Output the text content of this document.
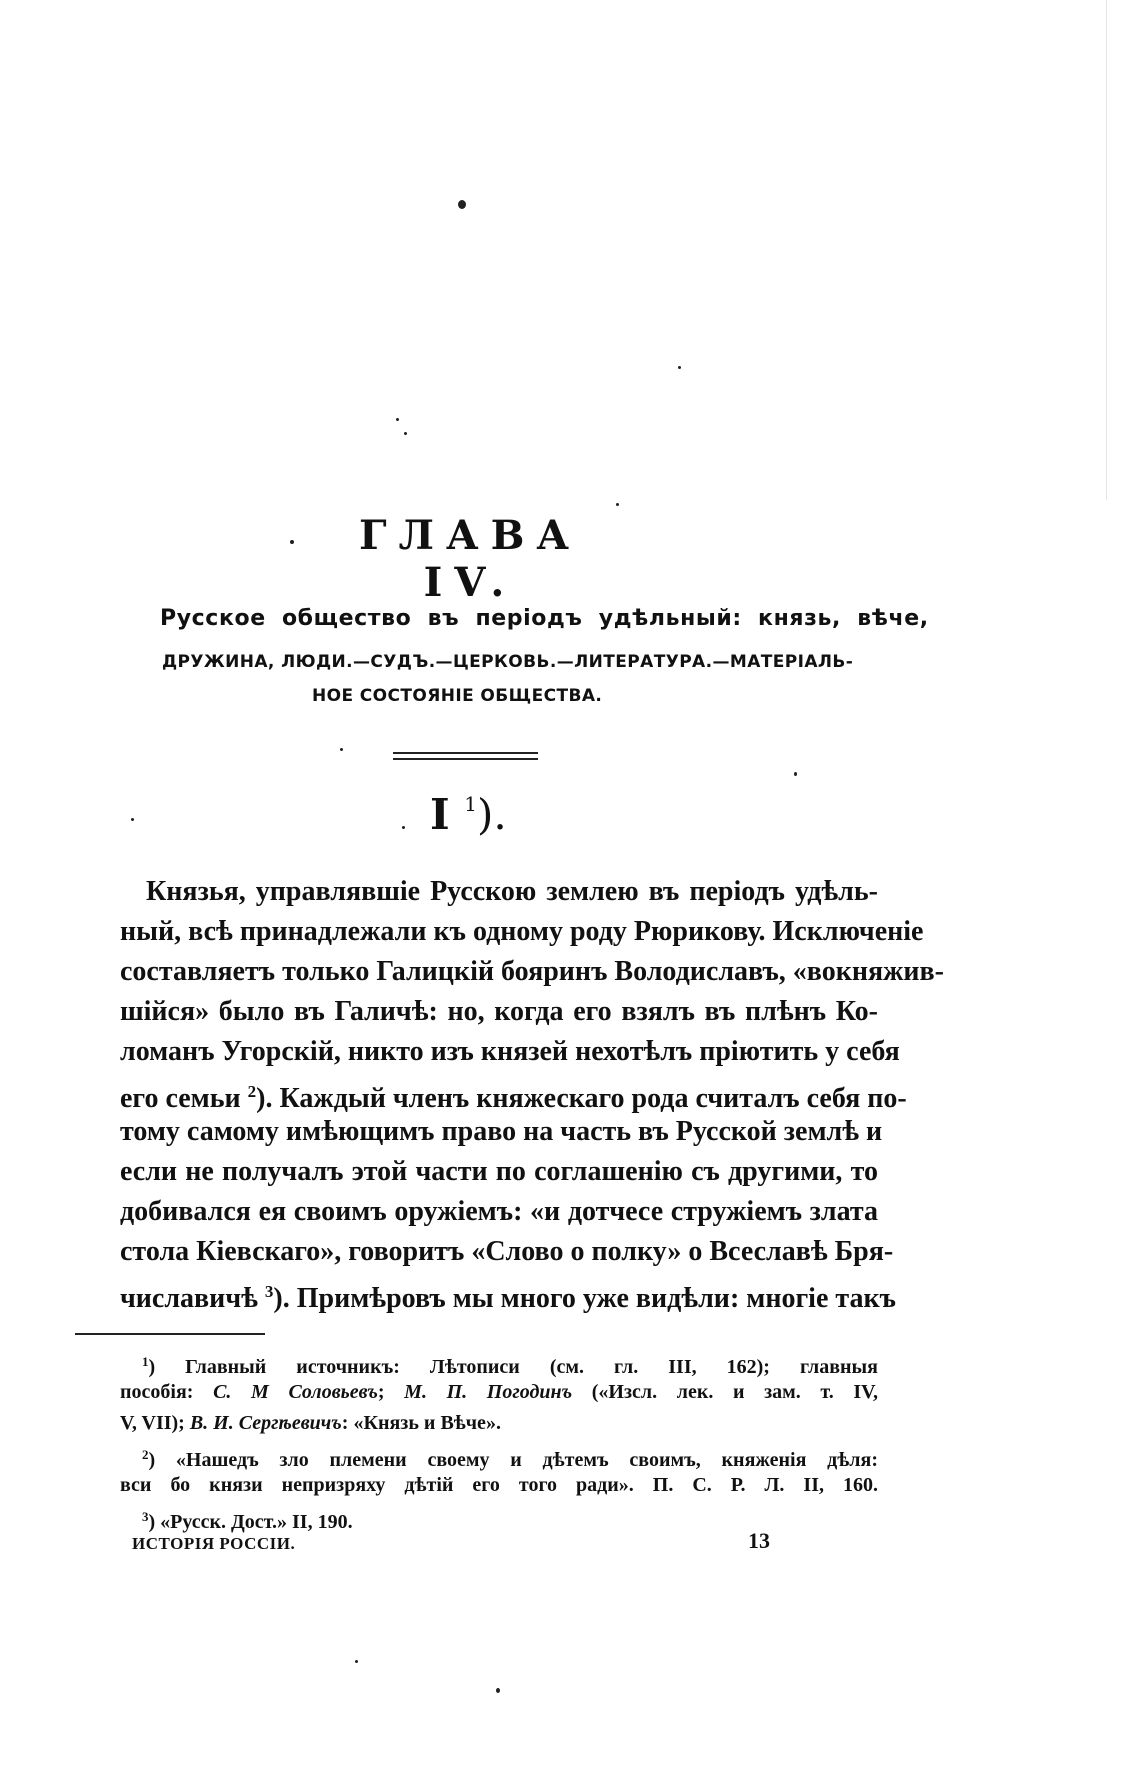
ГЛАВА IV.
Русское общество въ періодъ удѣльный: князь, вѣче,
ДРУЖИНА, ЛЮДИ.—СУДЪ.—ЦЕРКОВЬ.—ЛИТЕРАТУРА.—МАТЕРІАЛЬ-
НОЕ СОСТОЯНІЕ ОБЩЕСТВА.
I $^1$).
Князья, управлявшіе Русскою землею въ періодъ удѣль-
ный, всѣ принадлежали къ одному роду Рюрикову. Исключеніе
составляетъ только Галицкій бояринъ Володиславъ, «вокняжив-
шійся» было въ Галичѣ: но, когда его взялъ въ плѣнъ Ко-
ломанъ Угорскій, никто изъ князей нехотѣлъ пріютить у себя
его семьи $^2$). Каждый членъ княжескаго рода считалъ себя по-
тому самому имѣющимъ право на часть въ Русской землѣ и
если не получалъ этой части по соглашенію съ другими, то
добивался ея своимъ оружіемъ: «и дотчесе стружіемъ злата
стола Кіевскаго», говоритъ «Слово о полку» о Всеславѣ Бря-
числавичѣ $^3$). Примѣровъ мы много уже видѣли: многіе такъ
$^1$) Главный источникъ: Лѣтописи (см. гл. III, 162); главныя
пособія: С. М Соловьевъ; М. П. Погодинъ («Изсл. лек. и зам. т. IV,
V, VII); В. И. Сергѣевичъ: «Князь и Вѣче».
$^2$) «Нашедъ зло племени своему и дѣтемъ своимъ, княженія дѣля:
вси бо князи непризряху дѣтій его того ради». П. С. Р. Л. II, 160.
$^3$) «Русск. Дост.» II, 190.
ИСТОРІЯ РОССІИ.	13
